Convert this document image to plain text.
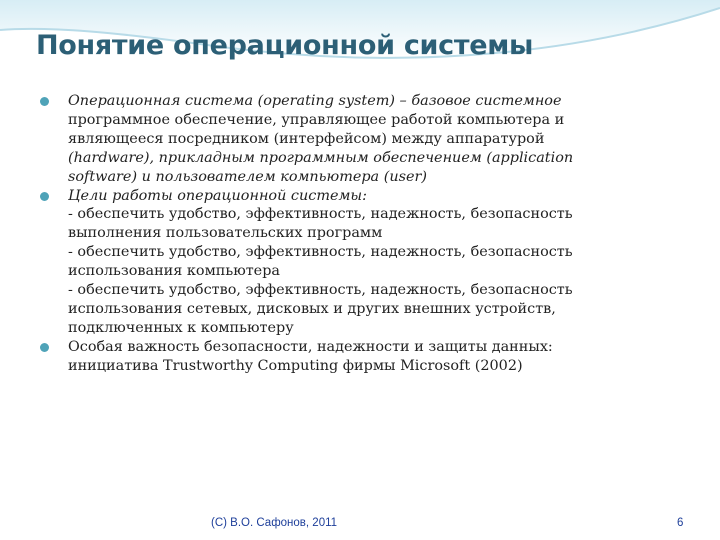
Понятие операционной системы
Операционная система (operating system) – базовое системное
программное обеспечение, управляющее работой компьютера и
являющееся посредником (интерфейсом) между аппаратурой
(hardware), прикладным программным обеспечением (application
software) и пользователем компьютера (user)
Цели работы операционной системы:
- обеспечить удобство, эффективность, надежность, безопасность
выполнения пользовательских программ
- обеспечить удобство, эффективность, надежность, безопасность
использования компьютера
- обеспечить удобство, эффективность, надежность, безопасность
использования сетевых, дисковых и других внешних устройств,
подключенных к компьютеру
Особая важность безопасности, надежности и защиты данных:
инициатива Trustworthy Computing фирмы Microsoft (2002)
(C) В.О. Сафонов, 2011	6
